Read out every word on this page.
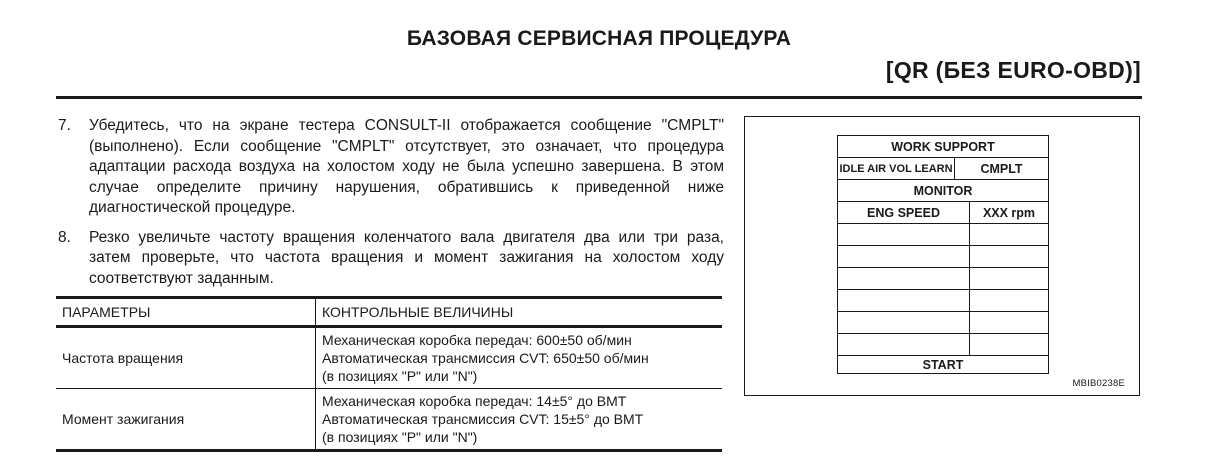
БАЗОВАЯ СЕРВИСНАЯ ПРОЦЕДУРА
[QR (БЕЗ EURO-OBD)]
7.	Убедитесь, что на экране тестера CONSULT-II отображается сообщение "CMPLT" (выполнено). Если сообщение "CMPLT" отсутствует, это означает, что процедура адаптации расхода воздуха на холостом ходу не была успешно завершена. В этом случае определите причину нарушения, обратившись к приведенной ниже диагностической процедуре.
8.	Резко увеличьте частоту вращения коленчатого вала двигателя два или три раза, затем проверьте, что частота вращения и момент зажигания на холостом ходу соответствуют заданным.
ПАРАМЕТРЫ	КОНТРОЛЬНЫЕ ВЕЛИЧИНЫ
Частота вращения	Механическая коробка передач: 600±50 об/мин
Автоматическая трансмиссия CVT: 650±50 об/мин
(в позициях "P" или "N")

Момент зажигания	Механическая коробка передач: 14±5° до ВМТ
Автоматическая трансмиссия CVT: 15±5° до ВМТ
(в позициях "P" или "N")
WORK SUPPORT
IDLE AIR VOL LEARN	CMPLT
MONITOR
ENG SPEED	XXX rpm
START
MBIB0238E
